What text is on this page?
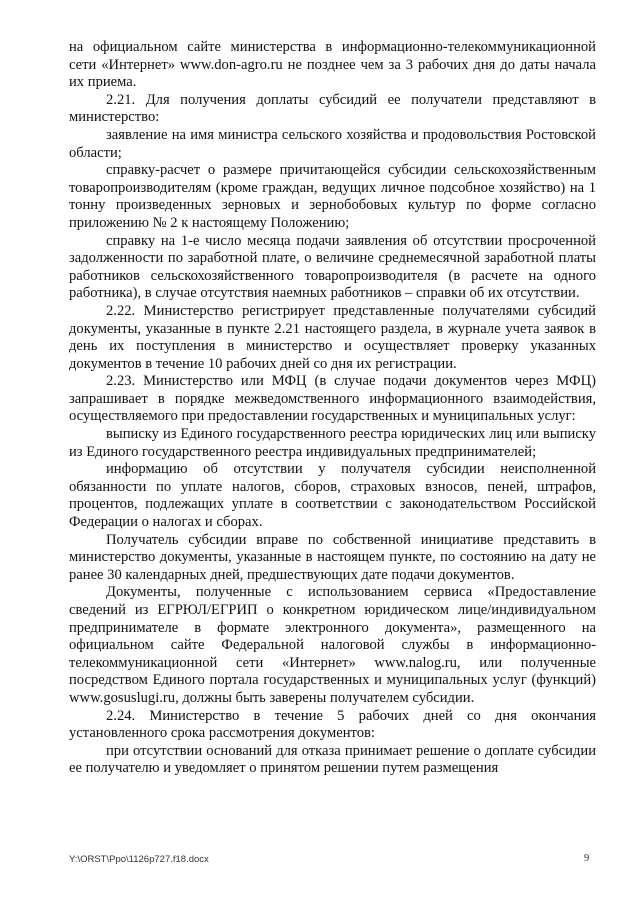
на официальном сайте министерства в информационно-телекоммуникационной сети «Интернет» www.don-agro.ru не позднее чем за 3 рабочих дня до даты начала их приема.

2.21. Для получения доплаты субсидий ее получатели представляют в министерство:

заявление на имя министра сельского хозяйства и продовольствия Ростовской области;

справку-расчет о размере причитающейся субсидии сельскохозяйственным товаропроизводителям (кроме граждан, ведущих личное подсобное хозяйство) на 1 тонну произведенных зерновых и зернобобовых культур по форме согласно приложению № 2 к настоящему Положению;

справку на 1-е число месяца подачи заявления об отсутствии просроченной задолженности по заработной плате, о величине среднемесячной заработной платы работников сельскохозяйственного товаропроизводителя (в расчете на одного работника), в случае отсутствия наемных работников – справки об их отсутствии.

2.22. Министерство регистрирует представленные получателями субсидий документы, указанные в пункте 2.21 настоящего раздела, в журнале учета заявок в день их поступления в министерство и осуществляет проверку указанных документов в течение 10 рабочих дней со дня их регистрации.

2.23. Министерство или МФЦ (в случае подачи документов через МФЦ) запрашивает в порядке межведомственного информационного взаимодействия, осуществляемого при предоставлении государственных и муниципальных услуг:

выписку из Единого государственного реестра юридических лиц или выписку из Единого государственного реестра индивидуальных предпринимателей;

информацию об отсутствии у получателя субсидии неисполненной обязанности по уплате налогов, сборов, страховых взносов, пеней, штрафов, процентов, подлежащих уплате в соответствии с законодательством Российской Федерации о налогах и сборах.

Получатель субсидии вправе по собственной инициативе представить в министерство документы, указанные в настоящем пункте, по состоянию на дату не ранее 30 календарных дней, предшествующих дате подачи документов.

Документы, полученные с использованием сервиса «Предоставление сведений из ЕГРЮЛ/ЕГРИП о конкретном юридическом лице/индивидуальном предпринимателе в формате электронного документа», размещенного на официальном сайте Федеральной налоговой службы в информационно-телекоммуникационной сети «Интернет» www.nalog.ru, или полученные посредством Единого портала государственных и муниципальных услуг (функций) www.gosuslugi.ru, должны быть заверены получателем субсидии.

2.24. Министерство в течение 5 рабочих дней со дня окончания установленного срока рассмотрения документов:

при отсутствии оснований для отказа принимает решение о доплате субсидии ее получателю и уведомляет о принятом решении путем размещения

Y:\ORST\Ppo\1126p727.f18.docx	9
